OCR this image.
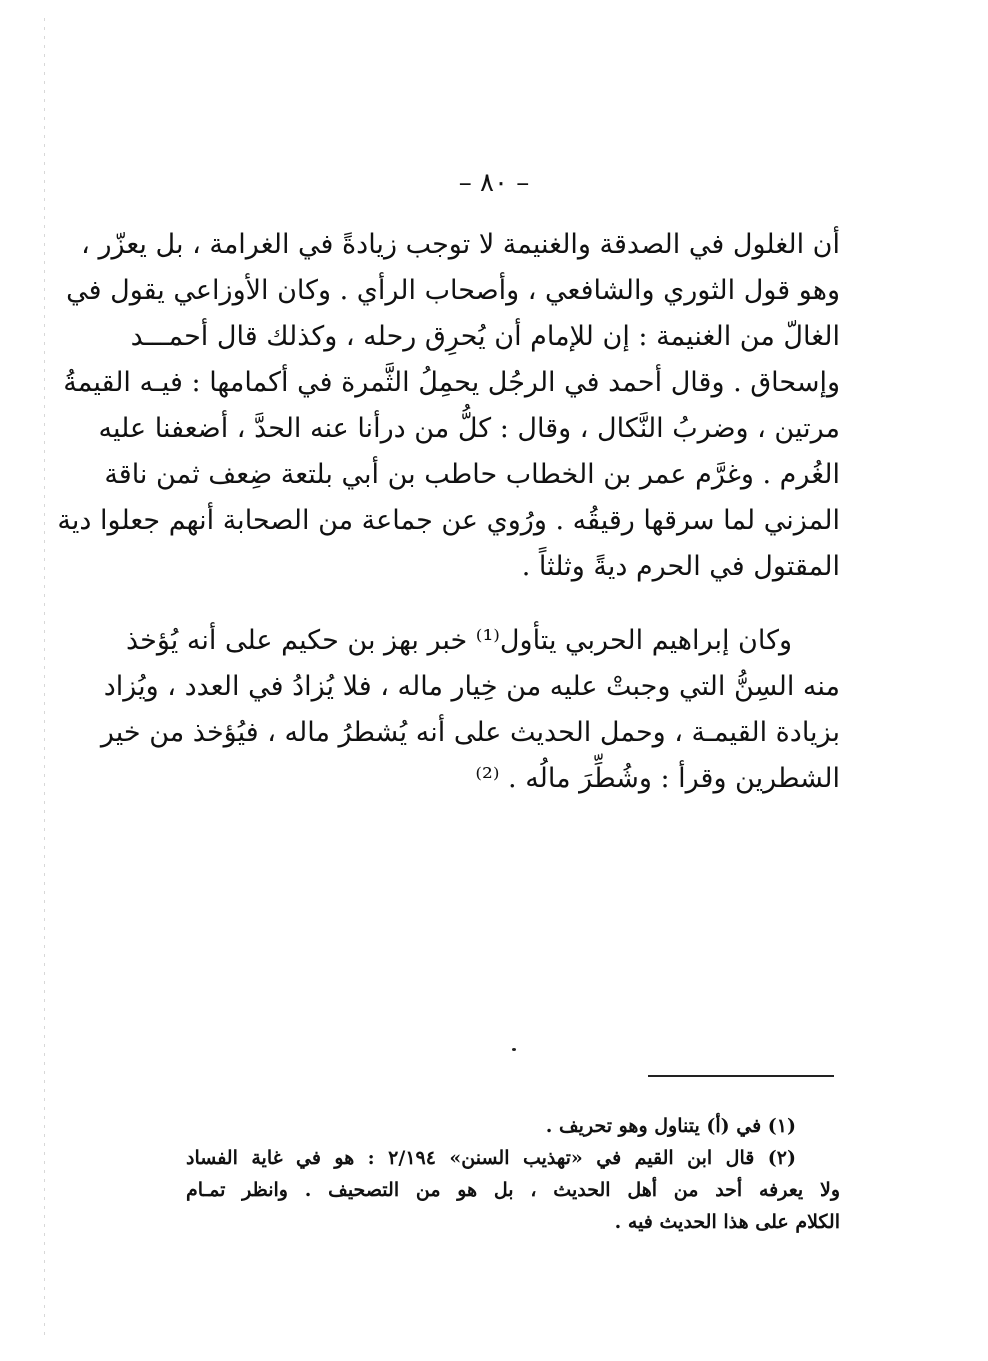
– ٨٠ –
أن الغلول في الصدقة والغنيمة لا توجب زيادةً في الغرامة ، بل يعزّر ،
وهو قول الثوري والشافعي ، وأصحاب الرأي . وكان الأوزاعي يقول في
الغالّ من الغنيمة : إن للإمام أن يُحرِق رحله ، وكذلك قال أحمـــد
وإسحاق . وقال أحمد في الرجُل يحمِلُ الثَّمرة في أكمامها : فيـه القيمةُ
مرتين ، وضربُ النَّكال ، وقال : كلُّ من درأنا عنه الحدَّ ، أضعفنا عليه
الغُرم . وغرَّم عمر بن الخطاب حاطب بن أبي بلتعة ضِعف ثمن ناقة
المزني لما سرقها رقيقُه . ورُوي عن جماعة من الصحابة أنهم جعلوا دية
المقتول في الحرم ديةً وثلثاً .
وكان إبراهيم الحربي يتأول⁽¹⁾ خبر بهز بن حكيم على أنه يُؤخذ
منه السِنُّ التي وجبتْ عليه من خِيار ماله ، فلا يُزادُ في العدد ، ويُزاد
بزيادة القيمـة ، وحمل الحديث على أنه يُشطرُ ماله ، فيُؤخذ من خير
الشطرين وقرأ : وشُطِّرَ مالُه . ⁽²⁾
(١) في (أ) يتناول وهو تحريف .
(٢) قال ابن القيم في «تهذيب السنن» ٢/١٩٤ : هو في غاية الفساد
ولا يعرفه أحد من أهل الحديث ، بل هو من التصحيف . وانظر تمـام
الكلام على هذا الحديث فيه .
